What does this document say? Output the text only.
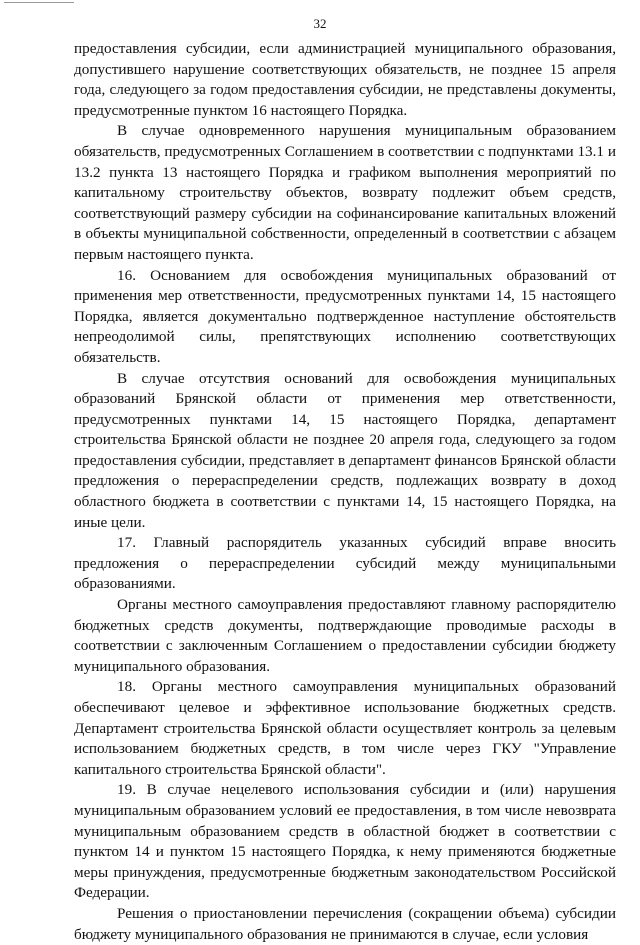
32

предоставления субсидии, если администрацией муниципального образования, допустившего нарушение соответствующих обязательств, не позднее 15 апреля года, следующего за годом предоставления субсидии, не представлены документы, предусмотренные пунктом 16 настоящего Порядка.

В случае одновременного нарушения муниципальным образованием обязательств, предусмотренных Соглашением в соответствии с подпунктами 13.1 и 13.2 пункта 13 настоящего Порядка и графиком выполнения мероприятий по капитальному строительству объектов, возврату подлежит объем средств, соответствующий размеру субсидии на софинансирование капитальных вложений в объекты муниципальной собственности, определенный в соответствии с абзацем первым настоящего пункта.

16. Основанием для освобождения муниципальных образований от применения мер ответственности, предусмотренных пунктами 14, 15 настоящего Порядка, является документально подтвержденное наступление обстоятельств непреодолимой силы, препятствующих исполнению соответствующих обязательств.

В случае отсутствия оснований для освобождения муниципальных образований Брянской области от применения мер ответственности, предусмотренных пунктами 14, 15 настоящего Порядка, департамент строительства Брянской области не позднее 20 апреля года, следующего за годом предоставления субсидии, представляет в департамент финансов Брянской области предложения о перераспределении средств, подлежащих возврату в доход областного бюджета в соответствии с пунктами 14, 15 настоящего Порядка, на иные цели.

17. Главный распорядитель указанных субсидий вправе вносить предложения о перераспределении субсидий между муниципальными образованиями.

Органы местного самоуправления предоставляют главному распорядителю бюджетных средств документы, подтверждающие проводимые расходы в соответствии с заключенным Соглашением о предоставлении субсидии бюджету муниципального образования.

18. Органы местного самоуправления муниципальных образований обеспечивают целевое и эффективное использование бюджетных средств. Департамент строительства Брянской области осуществляет контроль за целевым использованием бюджетных средств, в том числе через ГКУ "Управление капитального строительства Брянской области".

19. В случае нецелевого использования субсидии и (или) нарушения муниципальным образованием условий ее предоставления, в том числе невозврата муниципальным образованием средств в областной бюджет в соответствии с пунктом 14 и пунктом 15 настоящего Порядка, к нему применяются бюджетные меры принуждения, предусмотренные бюджетным законодательством Российской Федерации.

Решения о приостановлении перечисления (сокращении объема) субсидии бюджету муниципального образования не принимаются в случае, если условия
